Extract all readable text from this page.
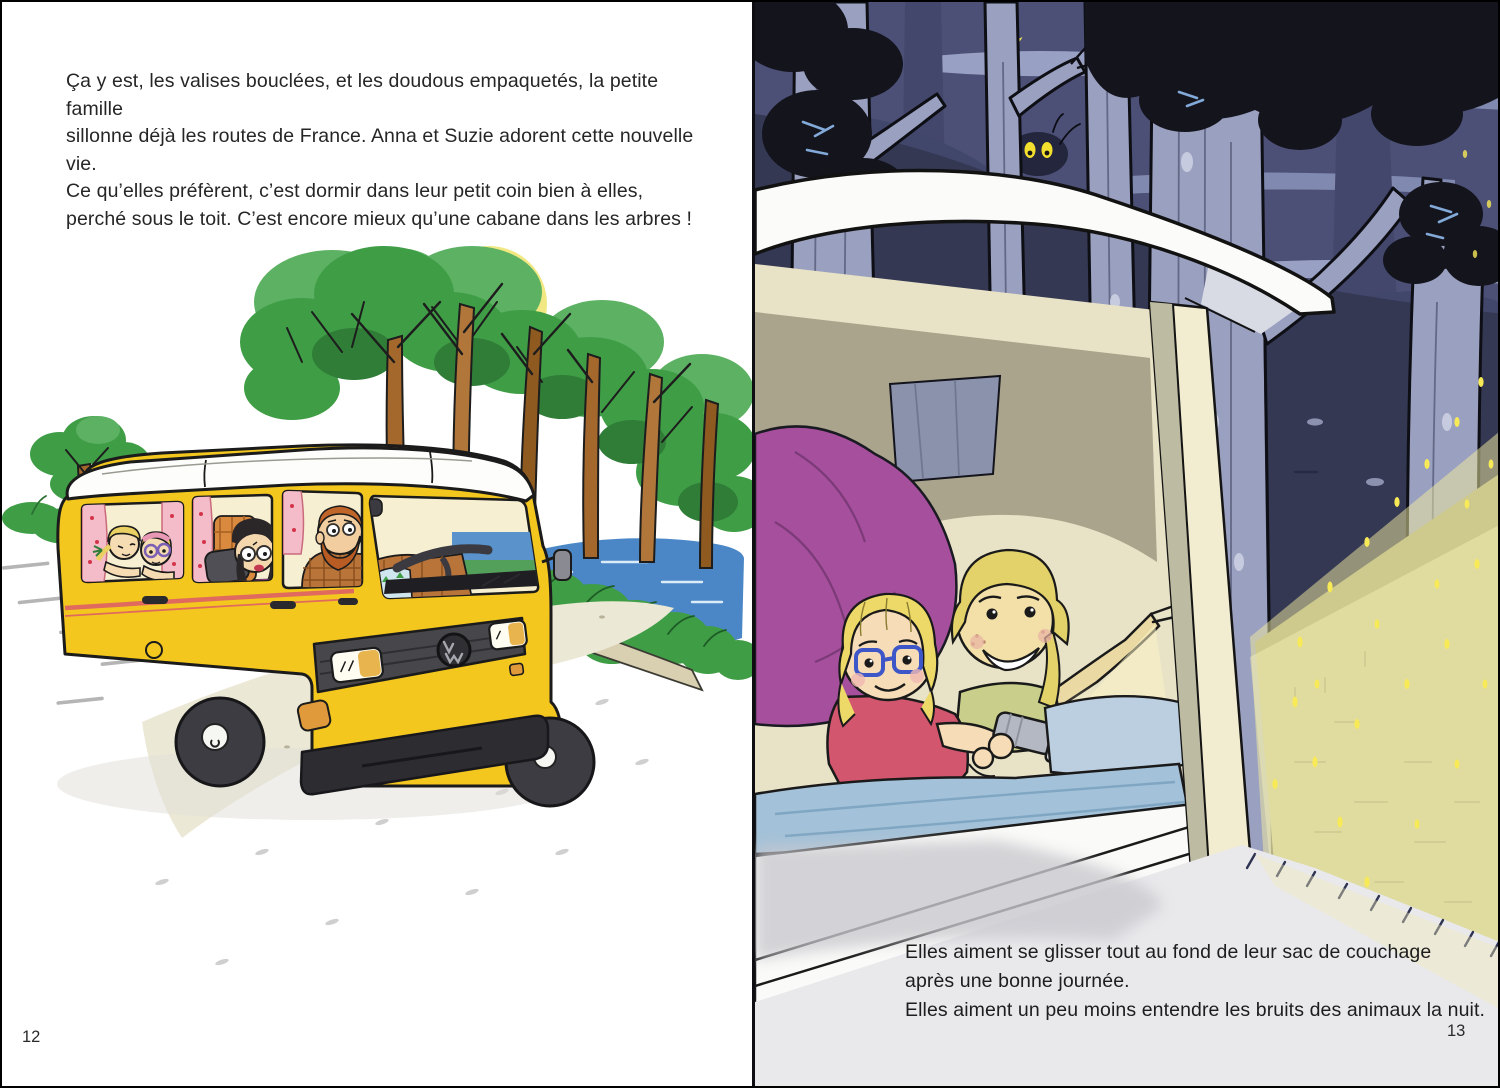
Ça y est, les valises bouclées, et les doudous empaquetés, la petite famille
sillonne déjà les routes de France. Anna et Suzie adorent cette nouvelle vie.
Ce qu’elles préfèrent, c’est dormir dans leur petit coin bien à elles,
perché sous le toit. C’est encore mieux qu’une cabane dans les arbres !
12
Elles aiment se glisser tout au fond de leur sac de couchage
après une bonne journée.
Elles aiment un peu moins entendre les bruits des animaux la nuit.
13
